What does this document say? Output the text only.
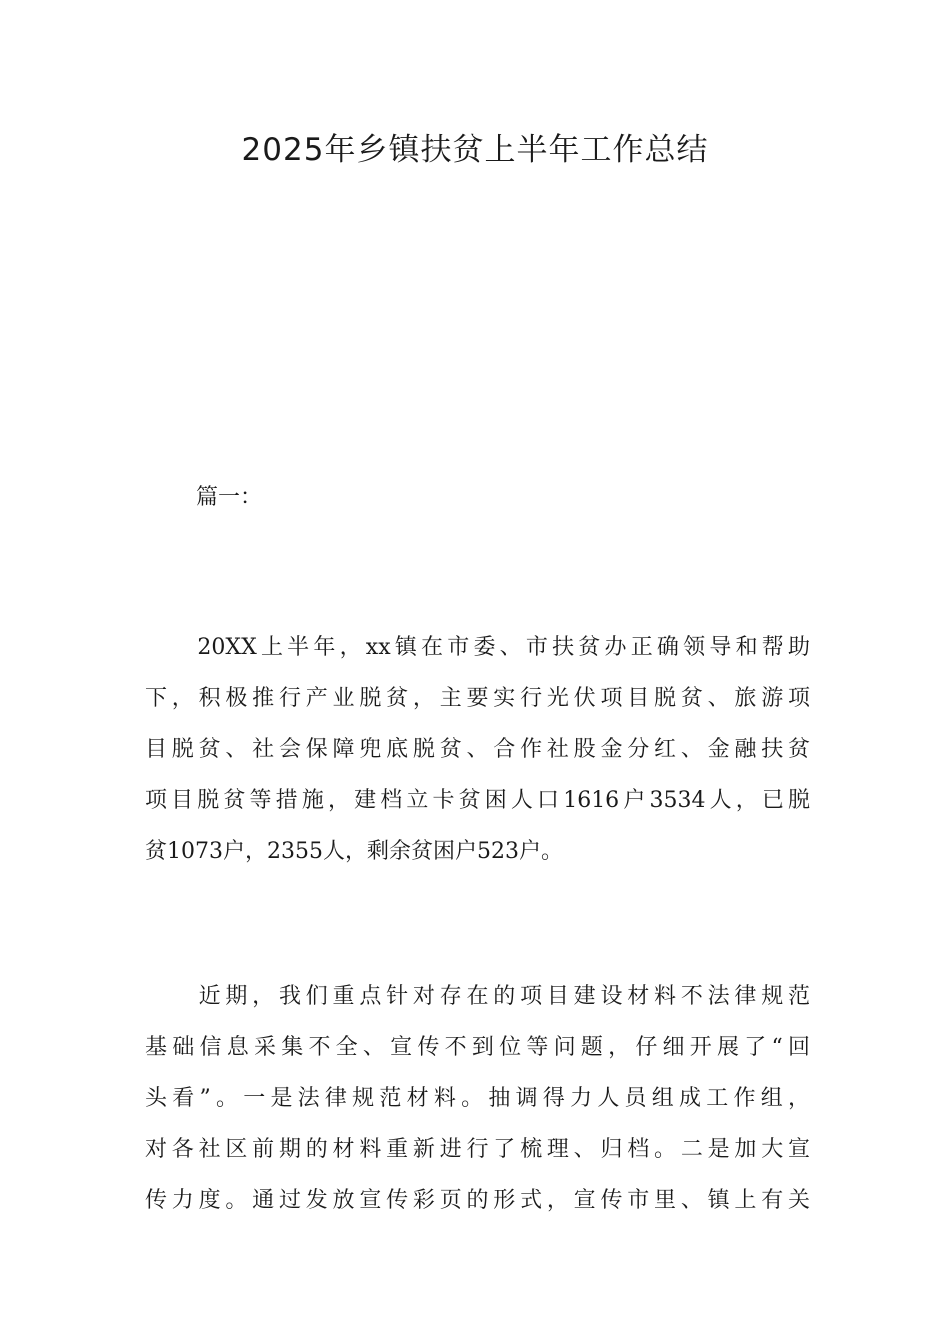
2025年乡镇扶贫上半年工作总结

篇一：

　　20XX上半年，xx镇在市委、市扶贫办正确领导和帮助
下，积极推行产业脱贫，主要实行光伏项目脱贫、旅游项
目脱贫、社会保障兜底脱贫、合作社股金分红、金融扶贫
项目脱贫等措施，建档立卡贫困人口1616户3534人，已脱
贫1073户，2355人，剩余贫困户523户。
　　近期，我们重点针对存在的项目建设材料不法律规范
基础信息采集不全、宣传不到位等问题，仔细开展了“回
头看”。一是法律规范材料。抽调得力人员组成工作组，
对各社区前期的材料重新进行了梳理、归档。二是加大宣
传力度。通过发放宣传彩页的形式，宣传市里、镇上有关
